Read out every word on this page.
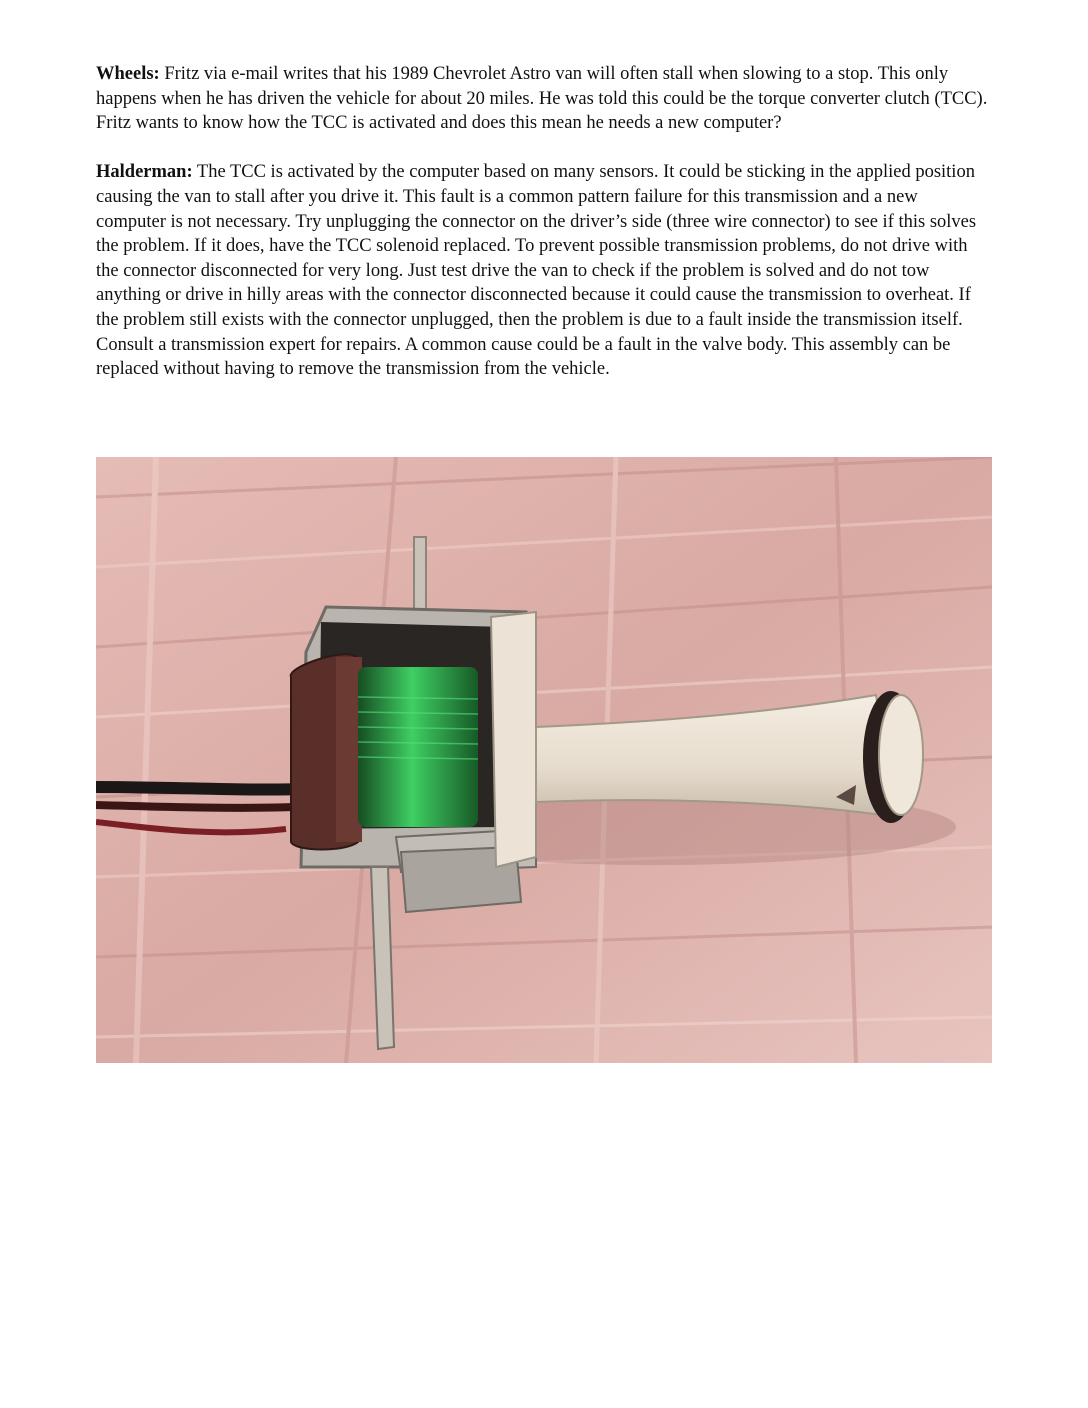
Wheels: Fritz via e-mail writes that his 1989 Chevrolet Astro van will often stall when slowing to a stop. This only happens when he has driven the vehicle for about 20 miles. He was told this could be the torque converter clutch (TCC). Fritz wants to know how the TCC is activated and does this mean he needs a new computer?

Halderman: The TCC is activated by the computer based on many sensors. It could be sticking in the applied position causing the van to stall after you drive it. This fault is a common pattern failure for this transmission and a new computer is not necessary. Try unplugging the connector on the driver’s side (three wire connector) to see if this solves the problem. If it does, have the TCC solenoid replaced. To prevent possible transmission problems, do not drive with the connector disconnected for very long. Just test drive the van to check if the problem is solved and do not tow anything or drive in hilly areas with the connector disconnected because it could cause the transmission to overheat. If the problem still exists with the connector unplugged, then the problem is due to a fault inside the transmission itself. Consult a transmission expert for repairs. A common cause could be a fault in the valve body. This assembly can be replaced without having to remove the transmission from the vehicle.
